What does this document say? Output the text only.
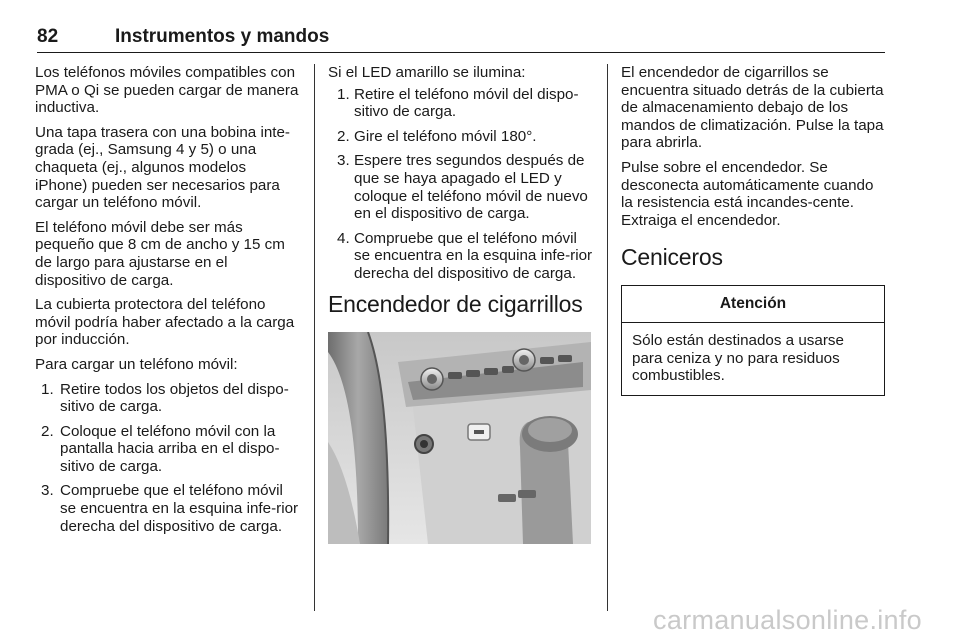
82	Instrumentos y mandos

Los teléfonos móviles compatibles con PMA o Qi se pueden cargar de manera inductiva.

Una tapa trasera con una bobina inte-grada (ej., Samsung 4 y 5) o una chaqueta (ej., algunos modelos iPhone) pueden ser necesarios para cargar un teléfono móvil.

El teléfono móvil debe ser más pequeño que 8 cm de ancho y 15 cm de largo para ajustarse en el dispositivo de carga.

La cubierta protectora del teléfono móvil podría haber afectado a la carga por inducción.

Para cargar un teléfono móvil:

1. Retire todos los objetos del dispo-sitivo de carga.
2. Coloque el teléfono móvil con la pantalla hacia arriba en el dispo-sitivo de carga.
3. Compruebe que el teléfono móvil se encuentra en la esquina infe-rior derecha del dispositivo de carga.

Si el LED amarillo se ilumina:

1. Retire el teléfono móvil del dispo-sitivo de carga.
2. Gire el teléfono móvil 180°.
3. Espere tres segundos después de que se haya apagado el LED y coloque el teléfono móvil de nuevo en el dispositivo de carga.
4. Compruebe que el teléfono móvil se encuentra en la esquina infe-rior derecha del dispositivo de carga.
Encendedor de cigarrillos

El encendedor de cigarrillos se encuentra situado detrás de la cubierta de almacenamiento debajo de los mandos de climatización. Pulse la tapa para abrirla.

Pulse sobre el encendedor. Se desconecta automáticamente cuando la resistencia está incandes-cente. Extraiga el encendedor.

Ceniceros
Atención
Sólo están destinados a usarse para ceniza y no para residuos combustibles.
carmanualsonline.info
